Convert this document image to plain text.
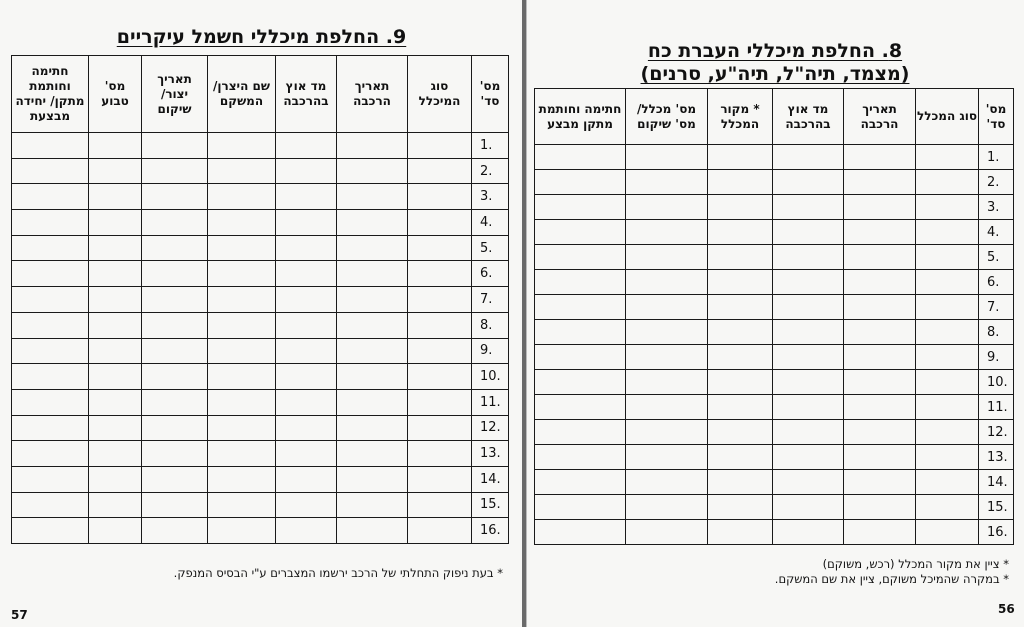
9. החלפת מיכללי חשמל עיקריים
מס' סד'	סוג המיכלל	תאריך הרכבה	מד אוץ בהרכבה	שם היצרן/ המשקם	תאריך יצור/ שיקום	מס' טבוע	חתימה וחותמת מתקן/ יחידה מבצעת
.1							
.2							
.3							
.4							
.5							
.6							
.7							
.8							
.9							
.10							
.11							
.12							
.13							
.14							
.15							
.16							
* בעת ניפוק התחלתי של הרכב ירשמו המצברים ע"י הבסיס המנפק.
57
8. החלפת מיכללי העברת כח
(מצמד, תיה"ל, תיה"ע, סרנים)
מס' סד'	סוג המכלל	תאריך הרכבה	מד אוץ בהרכבה	* מקור המכלל	מס' מכלל/ מס' שיקום	חתימה וחותמת מתקן מבצע
.1						
.2						
.3						
.4						
.5						
.6						
.7						
.8						
.9						
.10						
.11						
.12						
.13						
.14						
.15						
.16						
* ציין את מקור המכלל (רכש, משוקם)
* במקרה שהמיכל משוקם, ציין את שם המשקם.
56
